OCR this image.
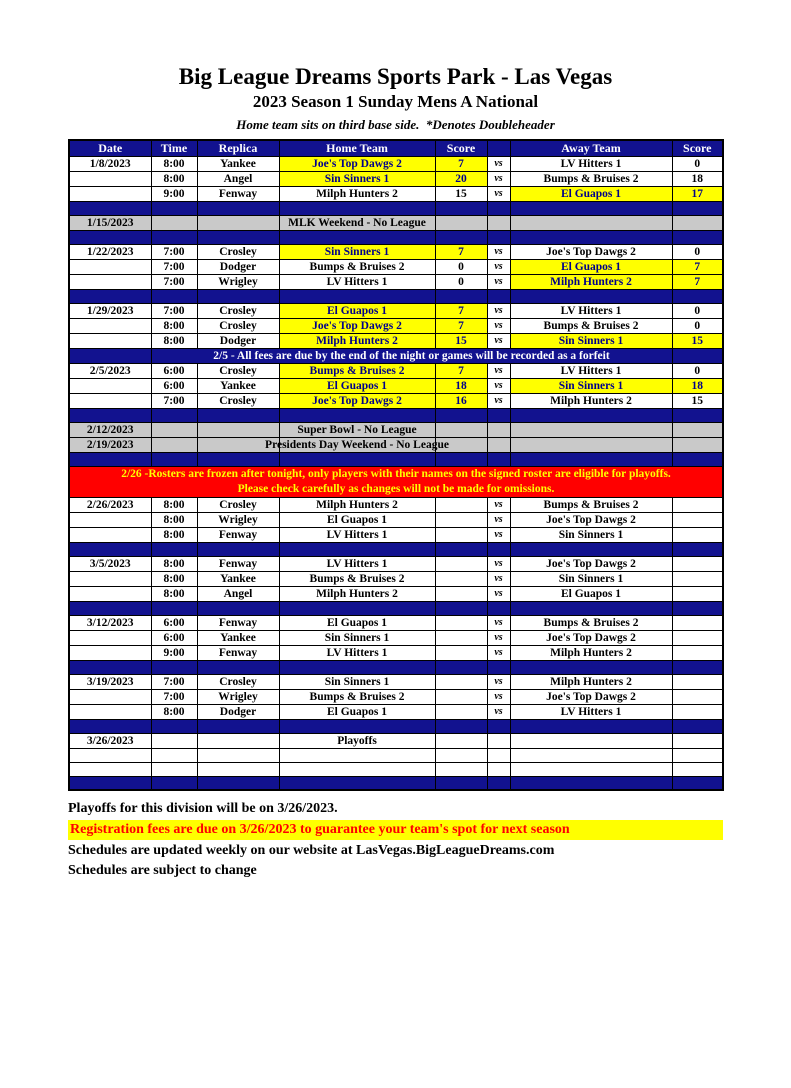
Big League Dreams Sports Park - Las Vegas
2023 Season 1 Sunday Mens A National
Home team sits on third base side.  *Denotes Doubleheader
Date	Time	Replica	Home Team	Score		Away Team	Score
1/8/2023	8:00	Yankee	Joe's Top Dawgs 2	7	vs	LV Hitters 1	0
	8:00	Angel	Sin Sinners 1	20	vs	Bumps & Bruises 2	18
	9:00	Fenway	Milph Hunters 2	15	vs	El Guapos 1	17

1/15/2023			MLK Weekend - No League				

1/22/2023	7:00	Crosley	Sin Sinners 1	7	vs	Joe's Top Dawgs 2	0
	7:00	Dodger	Bumps & Bruises 2	0	vs	El Guapos 1	7
	7:00	Wrigley	LV Hitters 1	0	vs	Milph Hunters 2	7

1/29/2023	7:00	Crosley	El Guapos 1	7	vs	LV Hitters 1	0
	8:00	Crosley	Joe's Top Dawgs 2	7	vs	Bumps & Bruises 2	0
	8:00	Dodger	Milph Hunters 2	15	vs	Sin Sinners 1	15
	2/5 - All fees are due by the end of the night or games will be recorded as a forfeit						
2/5/2023	6:00	Crosley	Bumps & Bruises 2	7	vs	LV Hitters 1	0
	6:00	Yankee	El Guapos 1	18	vs	Sin Sinners 1	18
	7:00	Crosley	Joe's Top Dawgs 2	16	vs	Milph Hunters 2	15

2/12/2023			Super Bowl - No League				
2/19/2023			Presidents Day Weekend - No League				

2/26 -Rosters are frozen after tonight, only players with their names on the signed roster are eligible for playoffs.
Please check carefully as changes will not be made for omissions.							

2/26/2023	8:00	Crosley	Milph Hunters 2		vs	Bumps & Bruises 2	
	8:00	Wrigley	El Guapos 1		vs	Joe's Top Dawgs 2	
	8:00	Fenway	LV Hitters 1		vs	Sin Sinners 1	

3/5/2023	8:00	Fenway	LV Hitters 1		vs	Joe's Top Dawgs 2	
	8:00	Yankee	Bumps & Bruises 2		vs	Sin Sinners 1	
	8:00	Angel	Milph Hunters 2		vs	El Guapos 1	

3/12/2023	6:00	Fenway	El Guapos 1		vs	Bumps & Bruises 2	
	6:00	Yankee	Sin Sinners 1		vs	Joe's Top Dawgs 2	
	9:00	Fenway	LV Hitters 1		vs	Milph Hunters 2	

3/19/2023	7:00	Crosley	Sin Sinners 1		vs	Milph Hunters 2	
	7:00	Wrigley	Bumps & Bruises 2		vs	Joe's Top Dawgs 2	
	8:00	Dodger	El Guapos 1		vs	LV Hitters 1	

3/26/2023			Playoffs				

Playoffs for this division will be on 3/26/2023.
Registration fees are due on 3/26/2023 to guarantee your team's spot for next season
Schedules are updated weekly on our website at LasVegas.BigLeagueDreams.com
Schedules are subject to change
